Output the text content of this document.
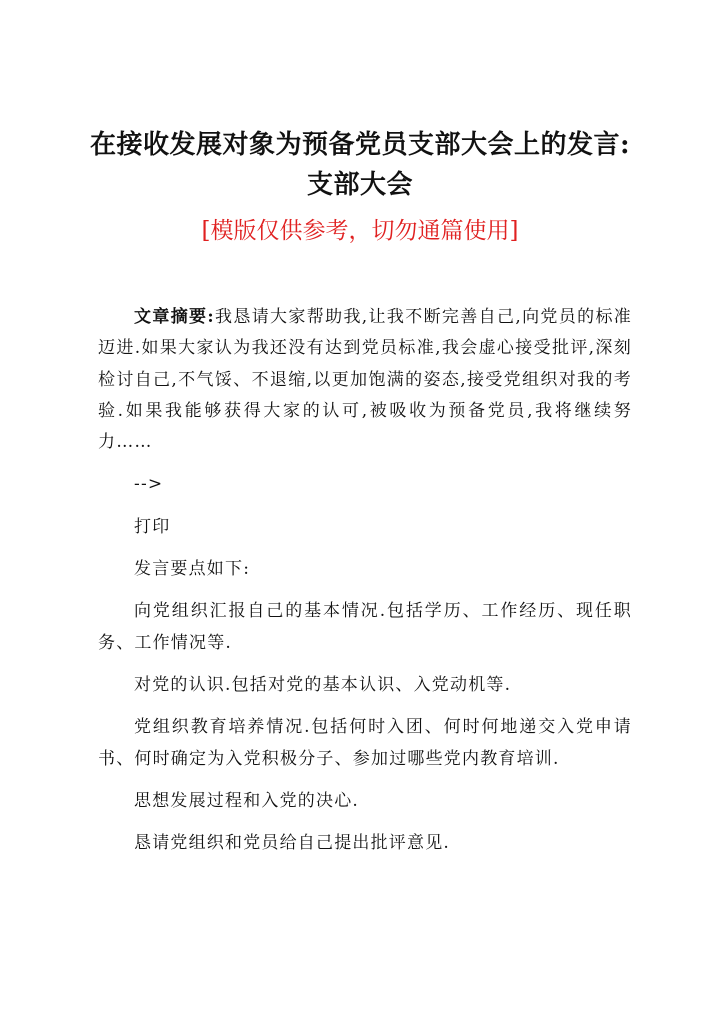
在接收发展对象为预备党员支部大会上的发言:
支部大会

[模版仅供参考，切勿通篇使用]

文章摘要:我恳请大家帮助我,让我不断完善自己,向党员的标准迈进.如果大家认为我还没有达到党员标准,我会虚心接受批评,深刻检讨自己,不气馁、不退缩,以更加饱满的姿态,接受党组织对我的考验.如果我能够获得大家的认可,被吸收为预备党员,我将继续努力……

-->

打印

发言要点如下:

向党组织汇报自己的基本情况.包括学历、工作经历、现任职务、工作情况等.

对党的认识.包括对党的基本认识、入党动机等.

党组织教育培养情况.包括何时入团、何时何地递交入党申请书、何时确定为入党积极分子、参加过哪些党内教育培训.

思想发展过程和入党的决心.

恳请党组织和党员给自己提出批评意见.
